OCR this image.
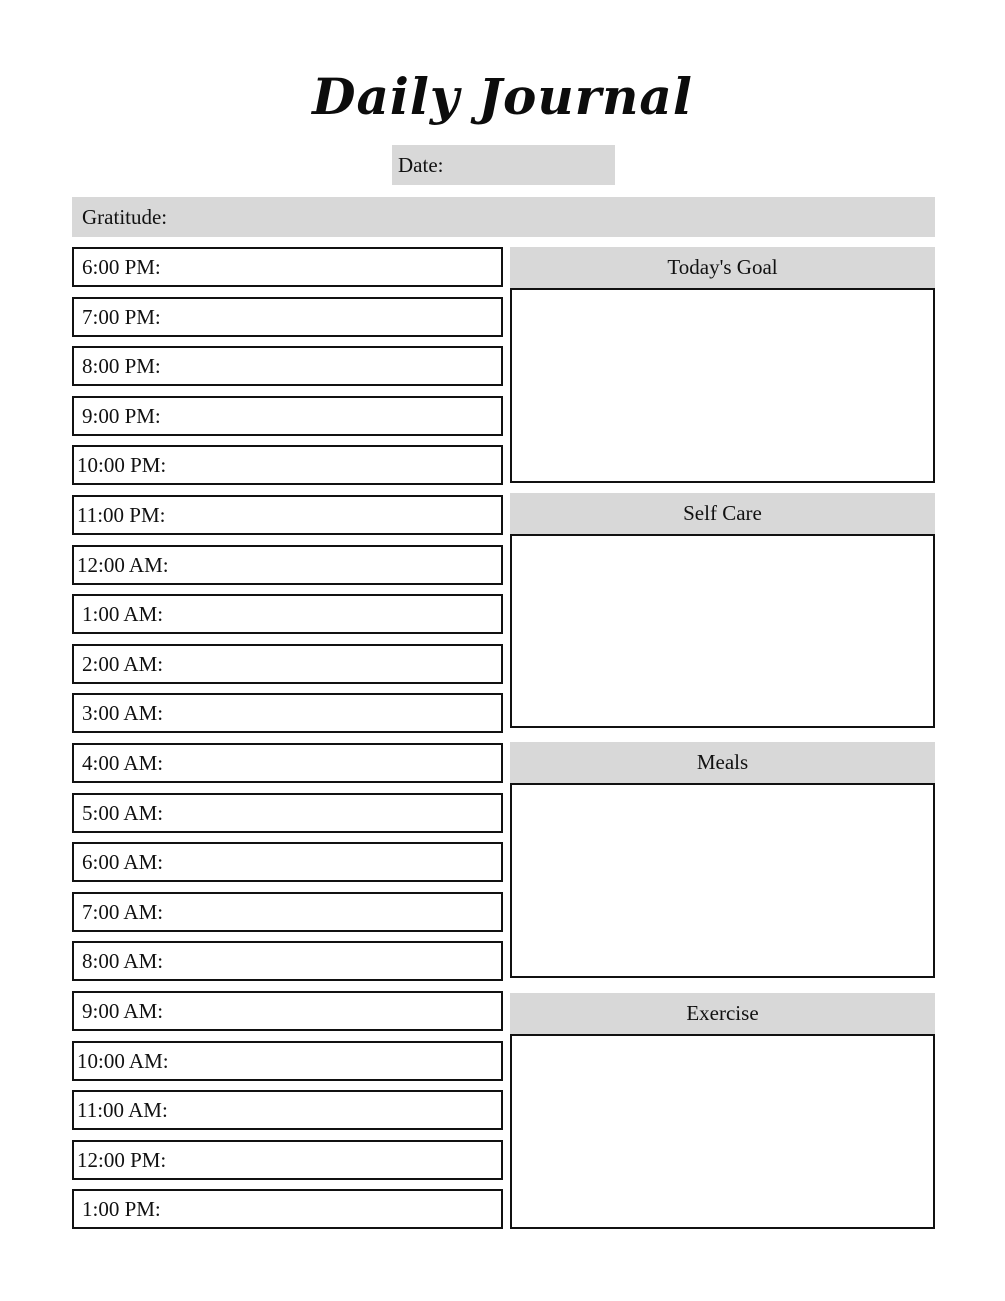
Daily Journal
Date:
Gratitude:
6:00 PM:
7:00 PM:
8:00 PM:
9:00 PM:
10:00 PM:
11:00 PM:
12:00 AM:
1:00 AM:
2:00 AM:
3:00 AM:
4:00 AM:
5:00 AM:
6:00 AM:
7:00 AM:
8:00 AM:
9:00 AM:
10:00 AM:
11:00 AM:
12:00 PM:
1:00 PM:
Today's Goal
Self Care
Meals
Exercise
